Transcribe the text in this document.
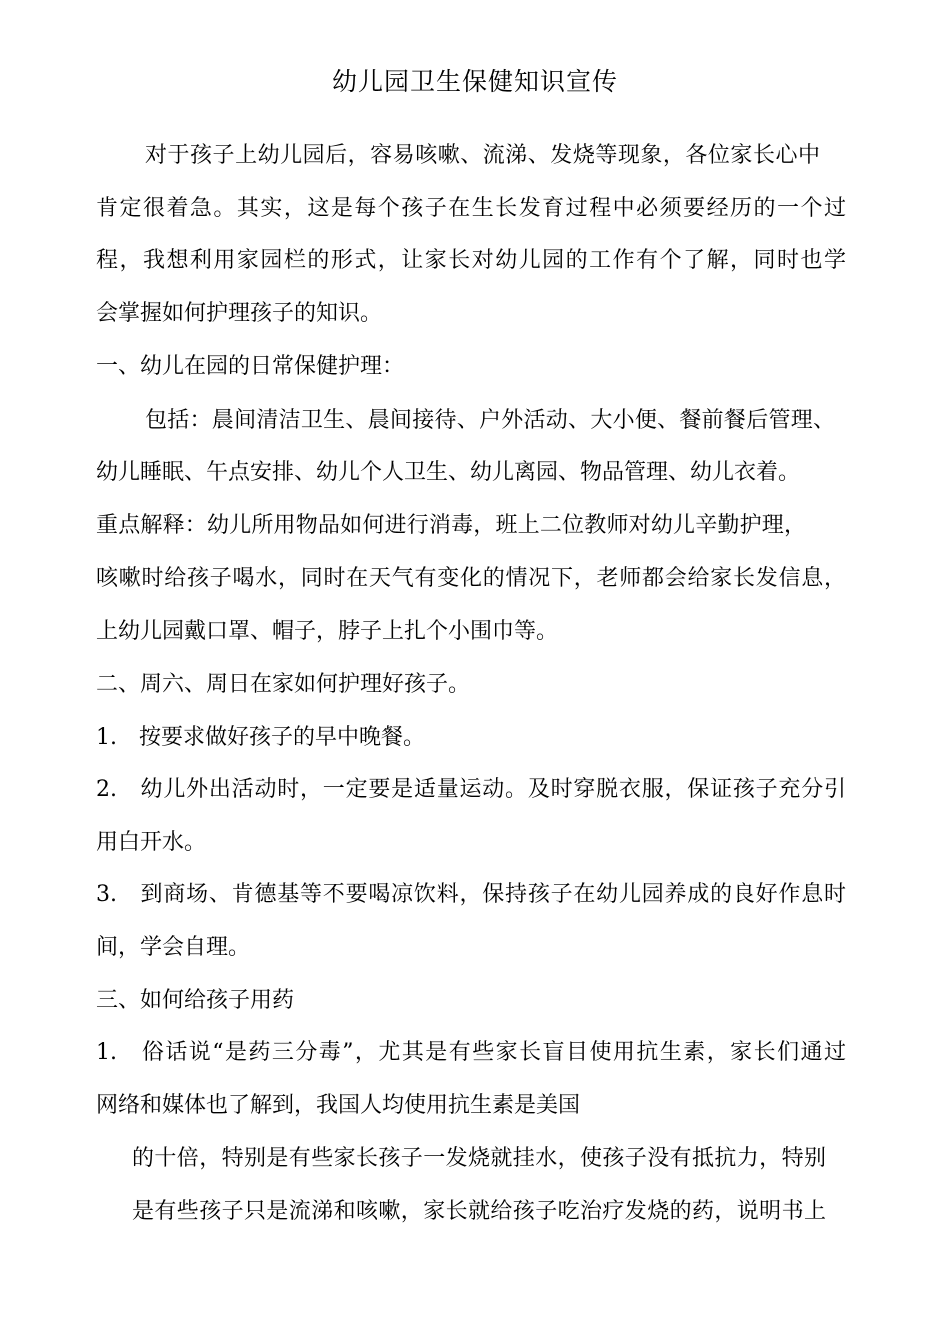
幼儿园卫生保健知识宣传
对于孩子上幼儿园后，容易咳嗽、流涕、发烧等现象，各位家长心中
肯定很着急。其实，这是每个孩子在生长发育过程中必须要经历的一个过
程，我想利用家园栏的形式，让家长对幼儿园的工作有个了解，同时也学
会掌握如何护理孩子的知识。
一、幼儿在园的日常保健护理：
包括：晨间清洁卫生、晨间接待、户外活动、大小便、餐前餐后管理、
幼儿睡眠、午点安排、幼儿个人卫生、幼儿离园、物品管理、幼儿衣着。
重点解释：幼儿所用物品如何进行消毒，班上二位教师对幼儿辛勤护理，
咳嗽时给孩子喝水，同时在天气有变化的情况下，老师都会给家长发信息，
上幼儿园戴口罩、帽子，脖子上扎个小围巾等。
二、周六、周日在家如何护理好孩子。
1.　按要求做好孩子的早中晚餐。
2.　幼儿外出活动时，一定要是适量运动。及时穿脱衣服，保证孩子充分引
用白开水。
3.　到商场、肯德基等不要喝凉饮料，保持孩子在幼儿园养成的良好作息时
间，学会自理。
三、如何给孩子用药
1.　俗话说“是药三分毒”，尤其是有些家长盲目使用抗生素，家长们通过
网络和媒体也了解到，我国人均使用抗生素是美国
的十倍，特别是有些家长孩子一发烧就挂水，使孩子没有抵抗力，特别
是有些孩子只是流涕和咳嗽，家长就给孩子吃治疗发烧的药，说明书上
